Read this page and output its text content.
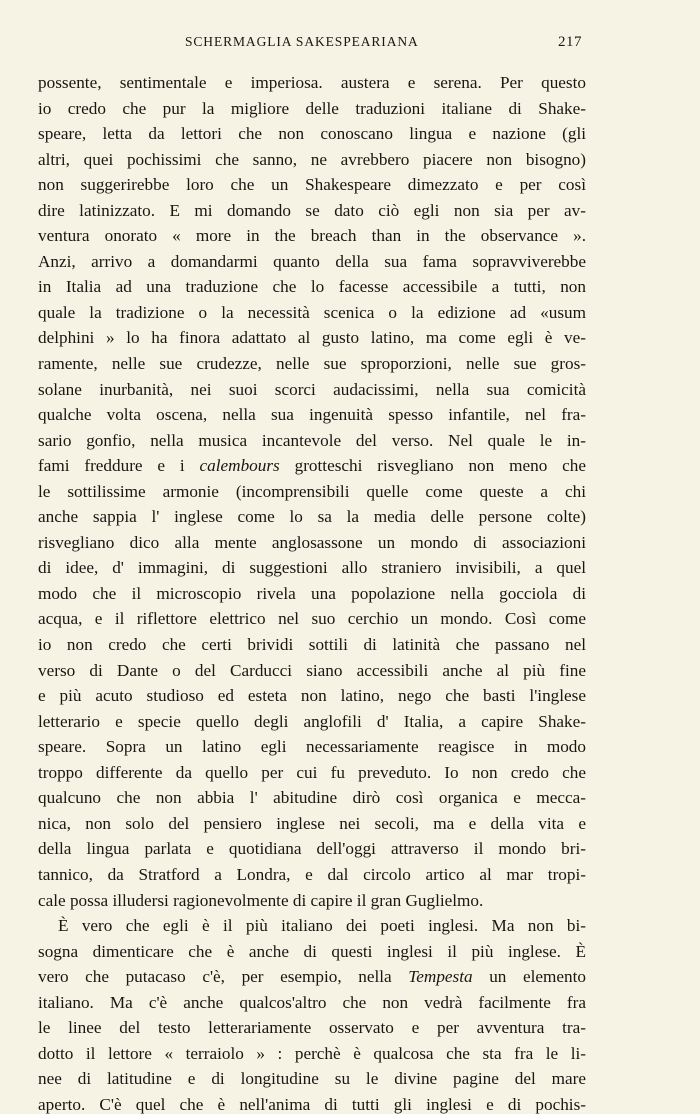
SCHERMAGLIA SAKESPEARIANA	217
possente, sentimentale e imperiosa. austera e serena. Per questo
io credo che pur la migliore delle traduzioni italiane di Shake-
speare, letta da lettori che non conoscano lingua e nazione (gli
altri, quei pochissimi che sanno, ne avrebbero piacere non bisogno)
non suggerirebbe loro che un Shakespeare dimezzato e per così
dire latinizzato. E mi domando se dato ciò egli non sia per av-
ventura onorato « more in the breach than in the observance ».
Anzi, arrivo a domandarmi quanto della sua fama sopravviverebbe
in Italia ad una traduzione che lo facesse accessibile a tutti, non
quale la tradizione o la necessità scenica o la edizione ad «usum
delphini » lo ha finora adattato al gusto latino, ma come egli è ve-
ramente, nelle sue crudezze, nelle sue sproporzioni, nelle sue gros-
solane inurbanità, nei suoi scorci audacissimi, nella sua comicità
qualche volta oscena, nella sua ingenuità spesso infantile, nel fra-
sario gonfio, nella musica incantevole del verso. Nel quale le in-
fami freddure e i calembours grotteschi risvegliano non meno che
le sottilissime armonie (incomprensibili quelle come queste a chi
anche sappia l' inglese come lo sa la media delle persone colte)
risvegliano dico alla mente anglosassone un mondo di associazioni
di idee, d' immagini, di suggestioni allo straniero invisibili, a quel
modo che il microscopio rivela una popolazione nella gocciola di
acqua, e il riflettore elettrico nel suo cerchio un mondo. Così come
io non credo che certi brividi sottili di latinità che passano nel
verso di Dante o del Carducci siano accessibili anche al più fine
e più acuto studioso ed esteta non latino, nego che basti l'inglese
letterario e specie quello degli anglofili d' Italia, a capire Shake-
speare. Sopra un latino egli necessariamente reagisce in modo
troppo differente da quello per cui fu preveduto. Io non credo che
qualcuno che non abbia l' abitudine dirò così organica e mecca-
nica, non solo del pensiero inglese nei secoli, ma e della vita e
della lingua parlata e quotidiana dell'oggi attraverso il mondo bri-
tannico, da Stratford a Londra, e dal circolo artico al mar tropi-
cale possa illudersi ragionevolmente di capire il gran Guglielmo.
È vero che egli è il più italiano dei poeti inglesi. Ma non bi-
sogna dimenticare che è anche di questi inglesi il più inglese. È
vero che putacaso c'è, per esempio, nella Tempesta un elemento
italiano. Ma c'è anche qualcos'altro che non vedrà facilmente fra
le linee del testo letterariamente osservato e per avventura tra-
dotto il lettore « terraiolo » : perchè è qualcosa che sta fra le li-
nee di latitudine e di longitudine su le divine pagine del mare
aperto. C'è quel che è nell'anima di tutti gli inglesi e di pochis-
